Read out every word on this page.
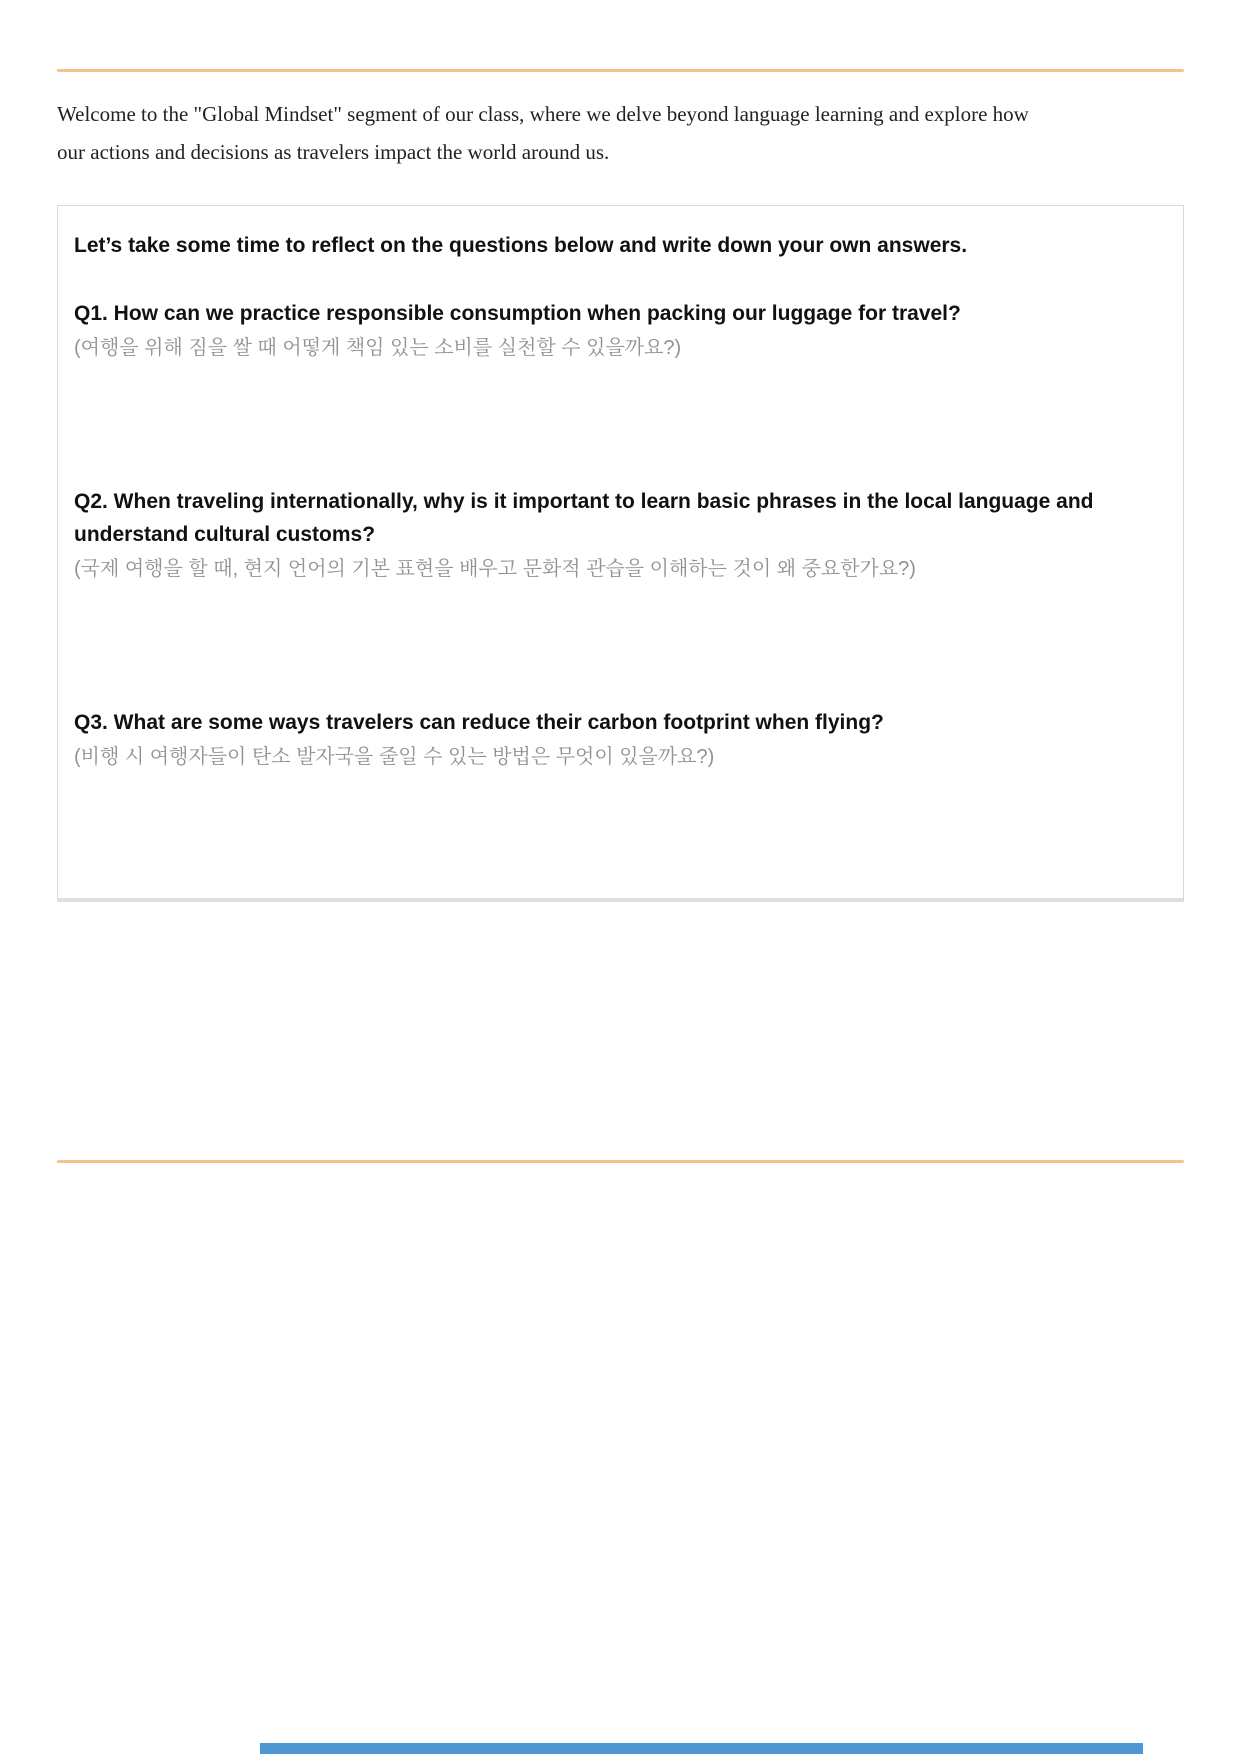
Welcome to the "Global Mindset" segment of our class, where we delve beyond language learning and explore how our actions and decisions as travelers impact the world around us.

Let’s take some time to reflect on the questions below and write down your own answers.
Q1. How can we practice responsible consumption when packing our luggage for travel?
(여행을 위해 짐을 쌀 때 어떻게 책임 있는 소비를 실천할 수 있을까요?)
Q2. When traveling internationally, why is it important to learn basic phrases in the local language and understand cultural customs?
(국제 여행을 할 때, 현지 언어의 기본 표현을 배우고 문화적 관습을 이해하는 것이 왜 중요한가요?)
Q3. What are some ways travelers can reduce their carbon footprint when flying?
(비행 시 여행자들이 탄소 발자국을 줄일 수 있는 방법은 무엇이 있을까요?)
